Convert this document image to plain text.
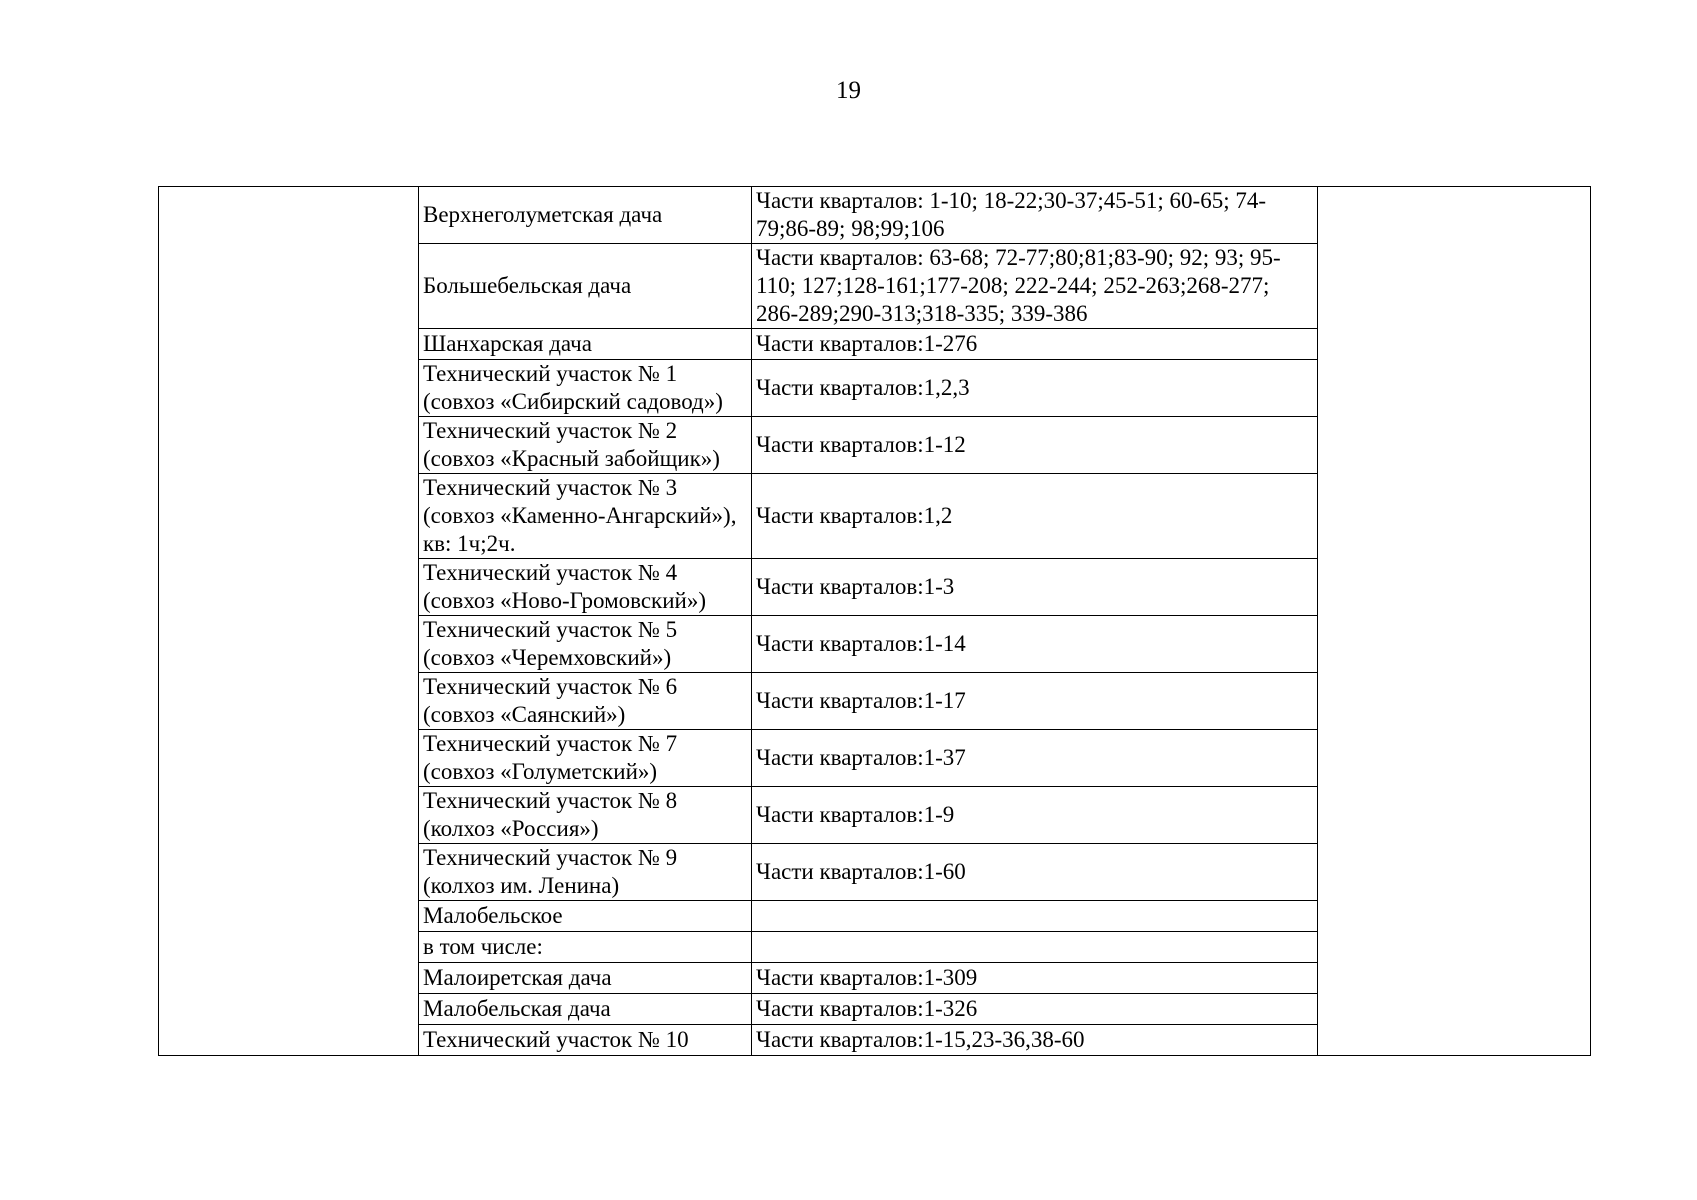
19
	Верхнеголуметская дача	Части кварталов: 1-10; 18-22;30-37;45-51; 60-65; 74-79;86-89; 98;99;106	
	Большебельская дача	Части кварталов: 63-68; 72-77;80;81;83-90; 92; 93; 95-110; 127;128-161;177-208; 222-244; 252-263;268-277; 286-289;290-313;318-335; 339-386	
	Шанхарская дача	Части кварталов:1-276	
	Технический участок № 1 (совхоз «Сибирский садовод»)	Части кварталов:1,2,3	
	Технический участок № 2 (совхоз «Красный забойщик»)	Части кварталов:1-12	
	Технический участок № 3 (совхоз «Каменно-Ангарский»), кв: 1ч;2ч.	Части кварталов:1,2	
	Технический участок № 4 (совхоз «Ново-Громовский»)	Части кварталов:1-3	
	Технический участок № 5 (совхоз «Черемховский»)	Части кварталов:1-14	
	Технический участок № 6 (совхоз «Саянский»)	Части кварталов:1-17	
	Технический участок № 7 (совхоз «Голуметский»)	Части кварталов:1-37	
	Технический участок № 8 (колхоз «Россия»)	Части кварталов:1-9	
	Технический участок № 9 (колхоз им. Ленина)	Части кварталов:1-60	
	Малобельское		
	в том числе:		
	Малоиретская дача	Части кварталов:1-309	
	Малобельская дача	Части кварталов:1-326	
	Технический участок № 10	Части кварталов:1-15,23-36,38-60	
